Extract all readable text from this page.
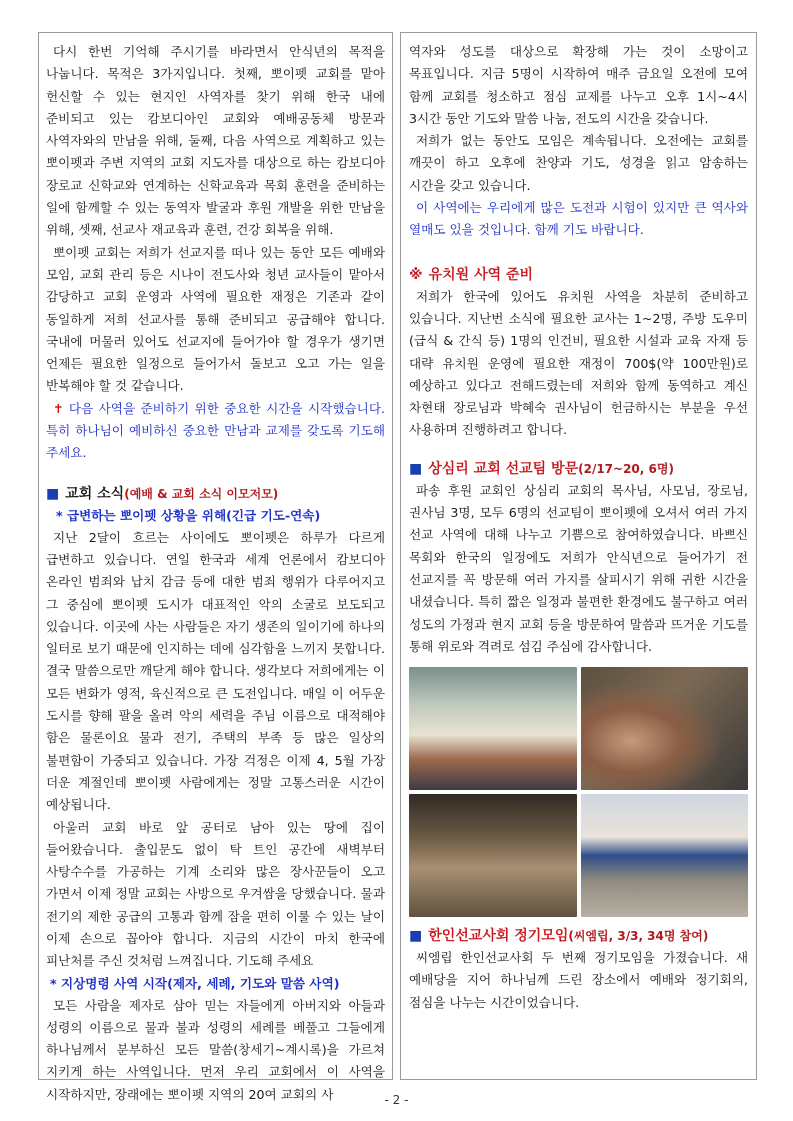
다시 한번 기억해 주시기를 바라면서 안식년의 목적을 나눕니다. 목적은 3가지입니다. 첫째, 뽀이펫 교회를 맡아 헌신할 수 있는 현지인 사역자를 찾기 위해 한국 내에 준비되고 있는 캄보디아인 교회와 예배공동체 방문과 사역자와의 만남을 위해, 둘째, 다음 사역으로 계획하고 있는 뽀이펫과 주변 지역의 교회 지도자를 대상으로 하는 캄보디아 장로교 신학교와 연계하는 신학교육과 목회 훈련을 준비하는 일에 함께할 수 있는 동역자 발굴과 후원 개발을 위한 만남을 위해, 셋째, 선교사 재교육과 훈련, 건강 회복을 위해.

뽀이펫 교회는 저희가 선교지를 떠나 있는 동안 모든 예배와 모임, 교회 관리 등은 시나이 전도사와 청년 교사들이 맡아서 감당하고 교회 운영과 사역에 필요한 재정은 기존과 같이 동일하게 저희 선교사를 통해 준비되고 공급해야 합니다. 국내에 머물러 있어도 선교지에 들어가야 할 경우가 생기면 언제든 필요한 일정으로 들어가서 돌보고 오고 가는 일을 반복해야 할 것 같습니다.

✝ 다음 사역을 준비하기 위한 중요한 시간을 시작했습니다. 특히 하나님이 예비하신 중요한 만남과 교제를 갖도록 기도해 주세요.

■ 교회 소식(예배 & 교회 소식 이모저모)
* 급변하는 뽀이펫 상황을 위해(긴급 기도-연속)

지난 2달이 흐르는 사이에도 뽀이펫은 하루가 다르게 급변하고 있습니다. 연일 한국과 세계 언론에서 캄보디아 온라인 범죄와 납치 감금 등에 대한 범죄 행위가 다루어지고 그 중심에 뽀이펫 도시가 대표적인 악의 소굴로 보도되고 있습니다. 이곳에 사는 사람들은 자기 생존의 일이기에 하나의 일터로 보기 때문에 인지하는 데에 심각함을 느끼지 못합니다. 결국 말씀으로만 깨닫게 해야 합니다. 생각보다 저희에게는 이 모든 변화가 영적, 육신적으로 큰 도전입니다. 매일 이 어두운 도시를 향해 팔을 올려 악의 세력을 주님 이름으로 대적해야 함은 물론이요 물과 전기, 주택의 부족 등 많은 일상의 불편함이 가중되고 있습니다. 가장 걱정은 이제 4, 5월 가장 더운 계절인데 뽀이펫 사람에게는 정말 고통스러운 시간이 예상됩니다.

아울러 교회 바로 앞 공터로 남아 있는 땅에 집이 들어왔습니다. 출입문도 없이 탁 트인 공간에 새벽부터 사탕수수를 가공하는 기계 소리와 많은 장사꾼들이 오고 가면서 이제 정말 교회는 사방으로 우겨쌈을 당했습니다. 물과 전기의 제한 공급의 고통과 함께 잠을 편히 이룰 수 있는 날이 이제 손으로 꼽아야 합니다. 지금의 시간이 마치 한국에 피난처를 주신 것처럼 느껴집니다. 기도해 주세요

* 지상명령 사역 시작(제자, 세례, 기도와 말씀 사역)

모든 사람을 제자로 삼아 믿는 자들에게 아버지와 아들과 성령의 이름으로 물과 불과 성령의 세례를 베풀고 그들에게 하나님께서 분부하신 모든 말씀(창세기~계시록)을 가르쳐 지키게 하는 사역입니다. 먼저 우리 교회에서 이 사역을 시작하지만, 장래에는 뽀이펫 지역의 20여 교회의 사

역자와 성도를 대상으로 확장해 가는 것이 소망이고 목표입니다. 지금 5명이 시작하여 매주 금요일 오전에 모여 함께 교회를 청소하고 점심 교제를 나누고 오후 1시~4시 3시간 동안 기도와 말씀 나눔, 전도의 시간을 갖습니다.

저희가 없는 동안도 모임은 계속됩니다. 오전에는 교회를 깨끗이 하고 오후에 찬양과 기도, 성경을 읽고 암송하는 시간을 갖고 있습니다.

이 사역에는 우리에게 많은 도전과 시험이 있지만 큰 역사와 열매도 있을 것입니다. 함께 기도 바랍니다.

※ 유치원 사역 준비

저희가 한국에 있어도 유치원 사역을 차분히 준비하고 있습니다. 지난번 소식에 필요한 교사는 1~2명, 주방 도우미(급식 & 간식 등) 1명의 인건비, 필요한 시설과 교육 자재 등 대략 유치원 운영에 필요한 재정이 700$(약 100만원)로 예상하고 있다고 전해드렸는데 저희와 함께 동역하고 계신 차현태 장로님과 박혜숙 권사님이 헌금하시는 부분을 우선 사용하며 진행하려고 합니다.

■ 상심리 교회 선교팀 방문(2/17~20, 6명)

파송 후원 교회인 상심리 교회의 목사님, 사모님, 장로님, 권사님 3명, 모두 6명의 선교팀이 뽀이펫에 오셔서 여러 가지 선교 사역에 대해 나누고 기쁨으로 참여하였습니다. 바쁘신 목회와 한국의 일정에도 저희가 안식년으로 들어가기 전 선교지를 꼭 방문해 여러 가지를 살피시기 위해 귀한 시간을 내셨습니다. 특히 짧은 일정과 불편한 환경에도 불구하고 여러 성도의 가정과 현지 교회 등을 방문하여 말씀과 뜨거운 기도를 통해 위로와 격려로 섬김 주심에 감사합니다.

■ 한인선교사회 정기모임(씨엠립, 3/3, 34명 참여)

씨엠립 한인선교사회 두 번째 정기모임을 가졌습니다. 새 예배당을 지어 하나님께 드린 장소에서 예배와 정기회의, 점심을 나누는 시간이었습니다.

- 2 -
